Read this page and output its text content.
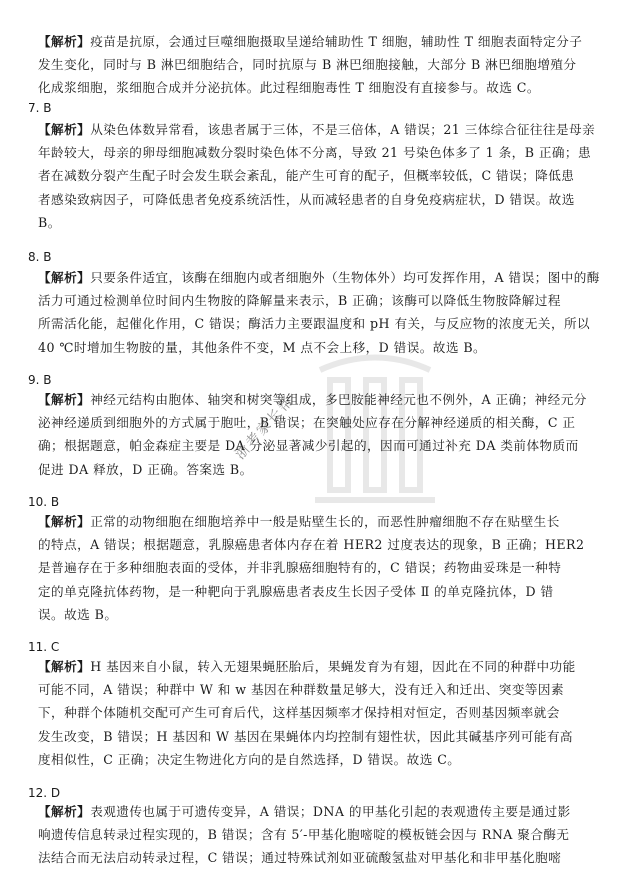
浙考家长帮
【解析】疫苗是抗原，会通过巨噬细胞摄取呈递给辅助性 T 细胞，辅助性 T 细胞表面特定分子
发生变化，同时与 B 淋巴细胞结合，同时抗原与 B 淋巴细胞接触，大部分 B 淋巴细胞增殖分
化成浆细胞，浆细胞合成并分泌抗体。此过程细胞毒性 T 细胞没有直接参与。故选 C。
7. B
【解析】从染色体数异常看，该患者属于三体，不是三倍体，A 错误；21 三体综合征往往是母亲
年龄较大，母亲的卵母细胞减数分裂时染色体不分离，导致 21 号染色体多了 1 条，B 正确；患
者在减数分裂产生配子时会发生联会紊乱，能产生可育的配子，但概率较低，C 错误；降低患
者感染致病因子，可降低患者免疫系统活性，从而减轻患者的自身免疫病症状，D 错误。故选
B。
8. B
【解析】只要条件适宜，该酶在细胞内或者细胞外（生物体外）均可发挥作用，A 错误；图中的酶
活力可通过检测单位时间内生物胺的降解量来表示，B 正确；该酶可以降低生物胺降解过程
所需活化能，起催化作用，C 错误；酶活力主要跟温度和 pH 有关，与反应物的浓度无关，所以
40 ℃时增加生物胺的量，其他条件不变，M 点不会上移，D 错误。故选 B。
9. B
【解析】神经元结构由胞体、轴突和树突等组成，多巴胺能神经元也不例外，A 正确；神经元分
泌神经递质到细胞外的方式属于胞吐，B 错误；在突触处应存在分解神经递质的相关酶，C 正
确；根据题意，帕金森症主要是 DA 分泌显著减少引起的，因而可通过补充 DA 类前体物质而
促进 DA 释放，D 正确。答案选 B。
10. B
【解析】正常的动物细胞在细胞培养中一般是贴壁生长的，而恶性肿瘤细胞不存在贴壁生长
的特点，A 错误；根据题意，乳腺癌患者体内存在着 HER2 过度表达的现象，B 正确；HER2
是普遍存在于多种细胞表面的受体，并非乳腺癌细胞特有的，C 错误；药物曲妥珠是一种特
定的单克隆抗体药物，是一种靶向于乳腺癌患者表皮生长因子受体 Ⅱ 的单克隆抗体，D 错
误。故选 B。
11. C
【解析】H 基因来自小鼠，转入无翅果蝇胚胎后，果蝇发育为有翅，因此在不同的种群中功能
可能不同，A 错误；种群中 W 和 w 基因在种群数量足够大，没有迁入和迁出、突变等因素
下，种群个体随机交配可产生可育后代，这样基因频率才保持相对恒定，否则基因频率就会
发生改变，B 错误；H 基因和 W 基因在果蝇体内均控制有翅性状，因此其碱基序列可能有高
度相似性，C 正确；决定生物进化方向的是自然选择，D 错误。故选 C。
12. D
【解析】表观遗传也属于可遗传变异，A 错误；DNA 的甲基化引起的表观遗传主要是通过影
响遗传信息转录过程实现的，B 错误；含有 5′-甲基化胞嘧啶的模板链会因与 RNA 聚合酶无
法结合而无法启动转录过程，C 错误；通过特殊试剂如亚硫酸氢盐对甲基化和非甲基化胞嘧
